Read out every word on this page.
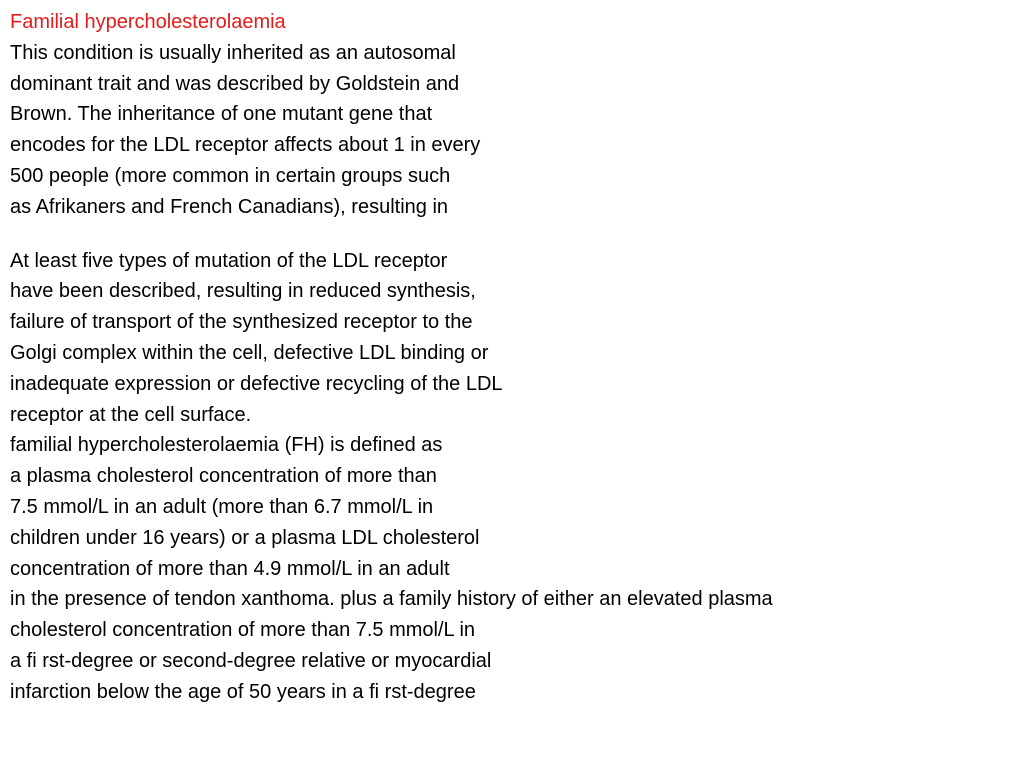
Familial hypercholesterolaemia
This condition is usually inherited as an autosomal
dominant trait and was described by Goldstein and
Brown. The inheritance of one mutant gene that
encodes for the LDL receptor affects about 1 in every
500 people (more common in certain groups such
as Afrikaners and French Canadians), resulting in
At least five types of mutation of the LDL receptor
have been described, resulting in reduced synthesis,
failure of transport of the synthesized receptor to the
Golgi complex within the cell, defective LDL binding or
inadequate expression or defective recycling of the LDL
receptor at the cell surface.
familial hypercholesterolaemia (FH) is defined as
a plasma cholesterol concentration of more than
7.5 mmol/L in an adult (more than 6.7 mmol/L in
children under 16 years) or a plasma LDL cholesterol
concentration of more than 4.9 mmol/L in an adult
in the presence of tendon xanthoma. plus a family history of either an elevated plasma
cholesterol concentration of more than 7.5 mmol/L in
a fi rst-degree or second-degree relative or myocardial
infarction below the age of 50 years in a fi rst-degree
